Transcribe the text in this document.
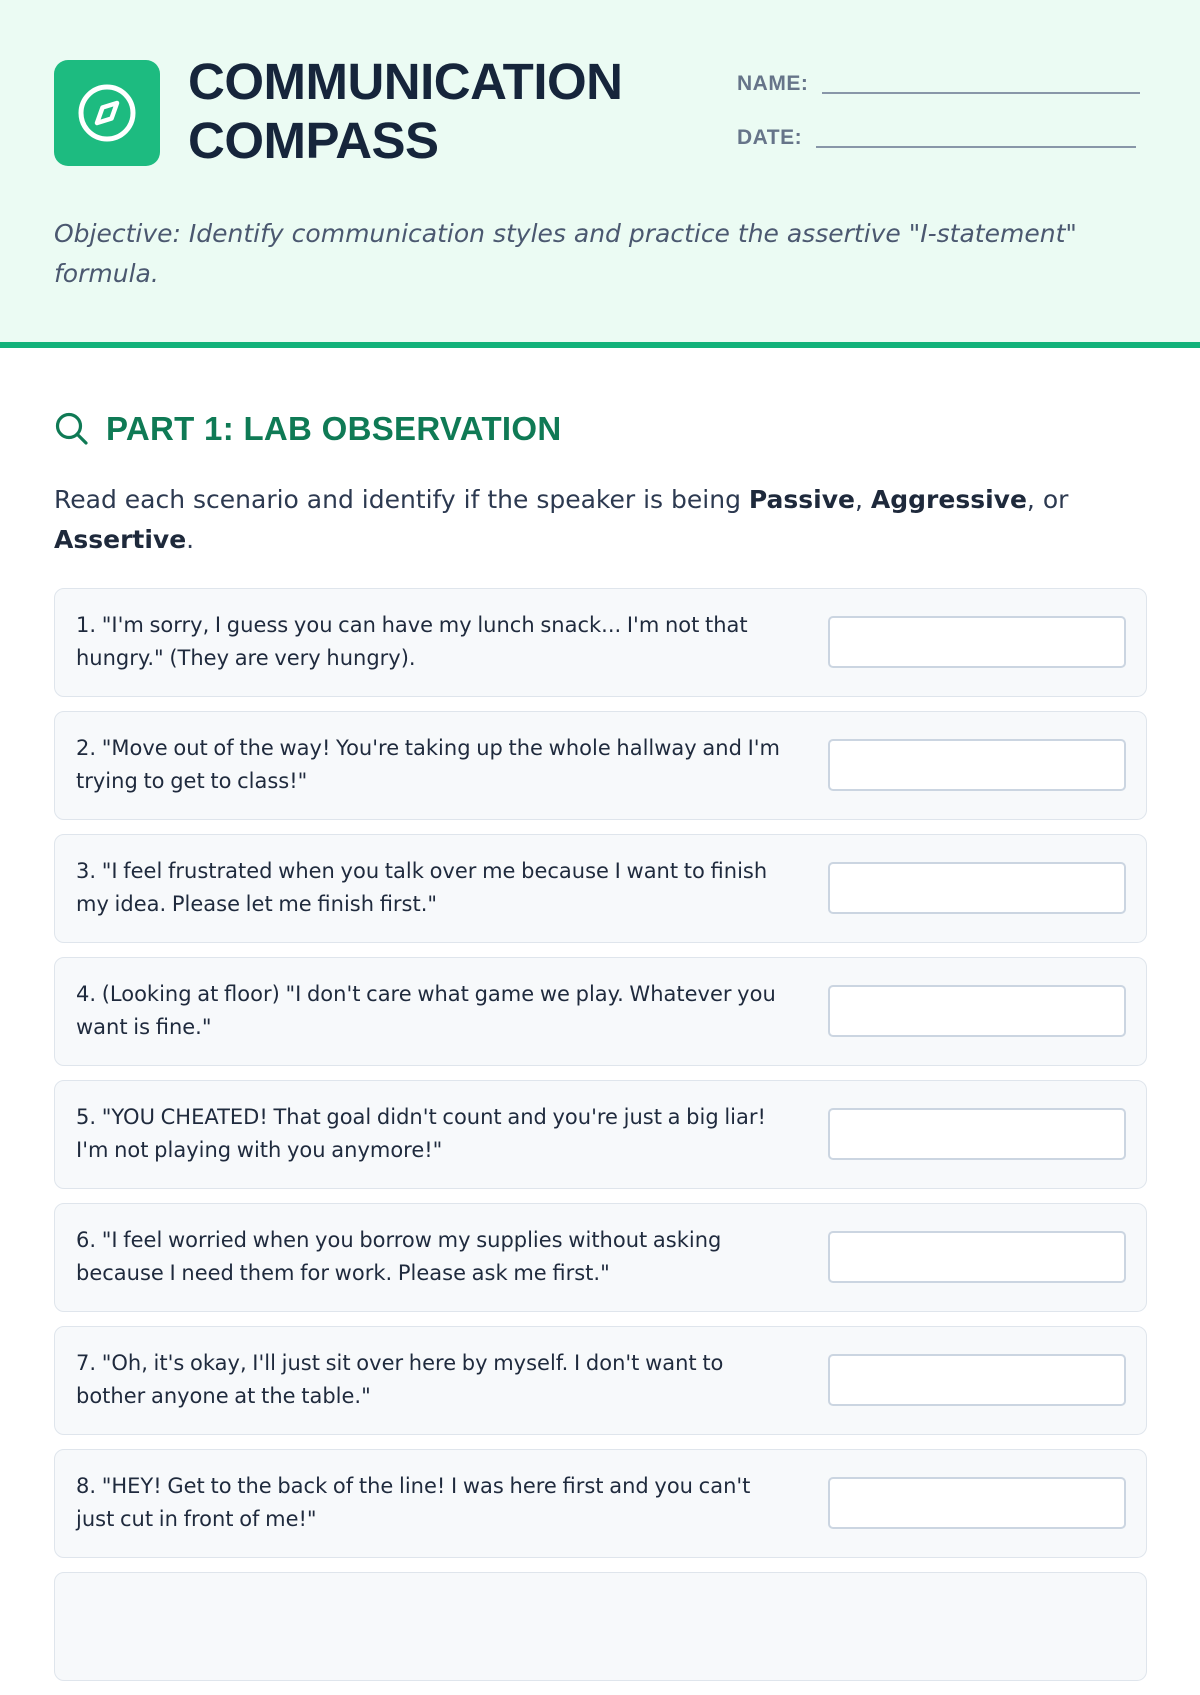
COMMUNICATION
COMPASS
NAME:
DATE:
Objective: Identify communication styles and practice the assertive "I-statement" formula.
PART 1: LAB OBSERVATION
Read each scenario and identify if the speaker is being Passive, Aggressive, or Assertive.
1. "I'm sorry, I guess you can have my lunch snack... I'm not that hungry." (They are very hungry).
2. "Move out of the way! You're taking up the whole hallway and I'm trying to get to class!"
3. "I feel frustrated when you talk over me because I want to finish my idea. Please let me finish first."
4. (Looking at floor) "I don't care what game we play. Whatever you want is fine."
5. "YOU CHEATED! That goal didn't count and you're just a big liar! I'm not playing with you anymore!"
6. "I feel worried when you borrow my supplies without asking because I need them for work. Please ask me first."
7. "Oh, it's okay, I'll just sit over here by myself. I don't want to bother anyone at the table."
8. "HEY! Get to the back of the line! I was here first and you can't just cut in front of me!"
